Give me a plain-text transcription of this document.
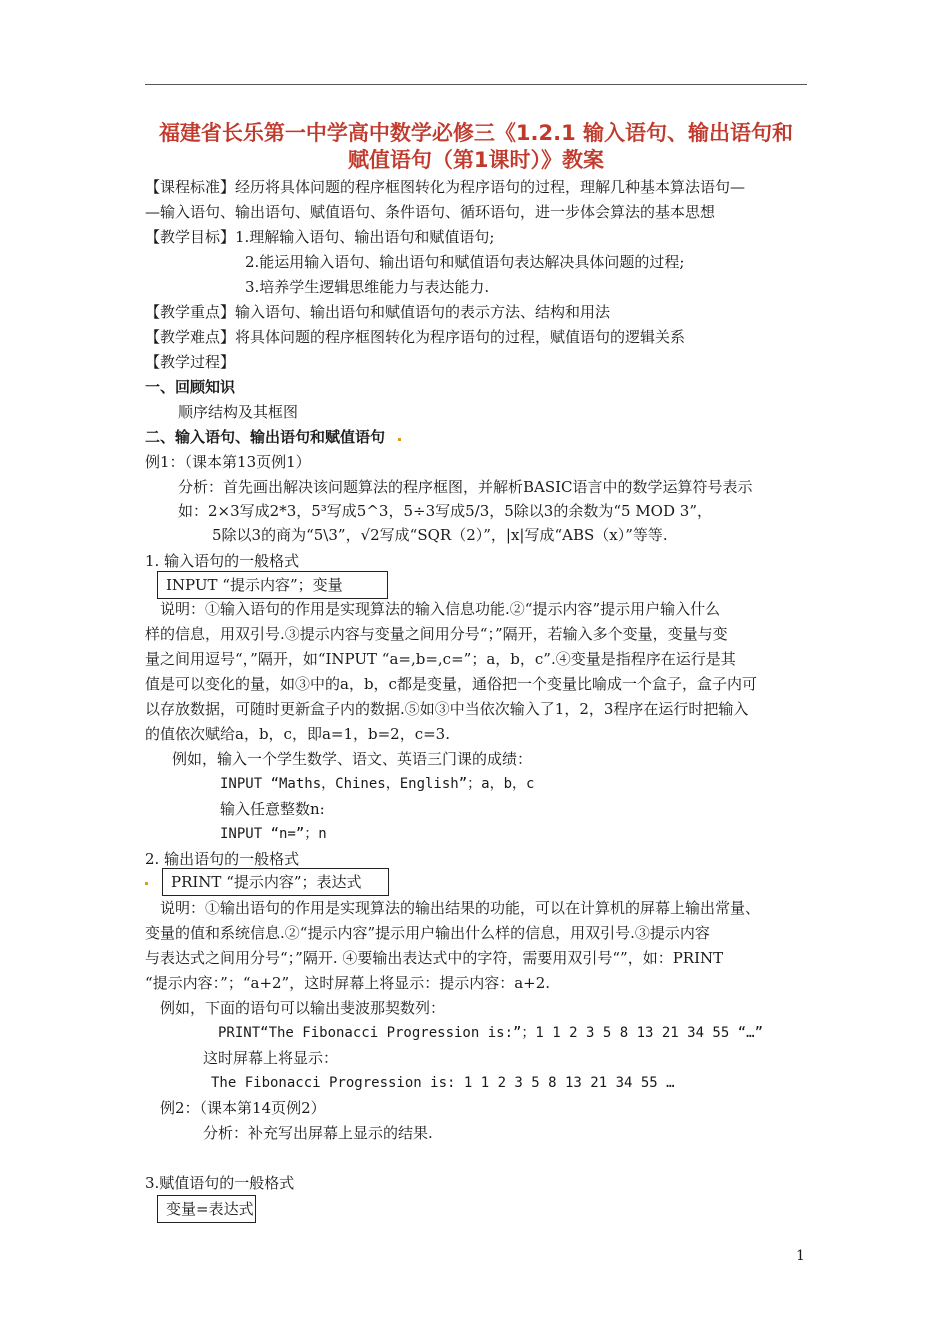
福建省长乐第一中学高中数学必修三《1.2.1 输入语句、输出语句和
赋值语句（第1课时）》教案
【课程标准】经历将具体问题的程序框图转化为程序语句的过程，理解几种基本算法语句—
—输入语句、输出语句、赋值语句、条件语句、循环语句，进一步体会算法的基本思想
【教学目标】1.理解输入语句、输出语句和赋值语句;
2.能运用输入语句、输出语句和赋值语句表达解决具体问题的过程;
3.培养学生逻辑思维能力与表达能力.
【教学重点】输入语句、输出语句和赋值语句的表示方法、结构和用法
【教学难点】将具体问题的程序框图转化为程序语句的过程，赋值语句的逻辑关系
【教学过程】
一、回顾知识
顺序结构及其框图
二、输入语句、输出语句和赋值语句
例1：（课本第13页例1）
分析：首先画出解决该问题算法的程序框图，并解析BASIC语言中的数学运算符号表示
如：2×3写成2*3，5³写成5^3，5÷3写成5/3，5除以3的余数为“5 MOD 3”，
5除以3的商为“5\3”，√2写成“SQR（2）”，|x|写成“ABS（x）”等等.
1. 输入语句的一般格式
INPUT “提示内容”；变量
说明：①输入语句的作用是实现算法的输入信息功能.②“提示内容”提示用户输入什么
样的信息，用双引号.③提示内容与变量之间用分号“；”隔开，若输入多个变量，变量与变
量之间用逗号“，”隔开，如“INPUT “a=,b=,c=”；a，b，c”.④变量是指程序在运行是其
值是可以变化的量，如③中的a，b，c都是变量，通俗把一个变量比喻成一个盒子，盒子内可
以存放数据，可随时更新盒子内的数据.⑤如③中当依次输入了1，2，3程序在运行时把输入
的值依次赋给a，b，c，即a=1，b=2，c=3.
例如，输入一个学生数学、语文、英语三门课的成绩：
INPUT “Maths，Chines，English”；a，b，c
输入任意整数n:
INPUT “n=”；n
2. 输出语句的一般格式
PRINT “提示内容”；表达式
说明：①输出语句的作用是实现算法的输出结果的功能，可以在计算机的屏幕上输出常量、
变量的值和系统信息.②“提示内容”提示用户输出什么样的信息，用双引号.③提示内容
与表达式之间用分号“；”隔开. ④要输出表达式中的字符，需要用双引号“”，如：PRINT
“提示内容：”；“a+2”，这时屏幕上将显示：提示内容：a+2.
例如，下面的语句可以输出斐波那契数列：
PRINT“The Fibonacci Progression is:”；1 1 2 3 5 8 13 21 34 55 “…”
这时屏幕上将显示：
The Fibonacci Progression is: 1 1 2 3 5 8 13 21 34 55 …
例2：（课本第14页例2）
分析：补充写出屏幕上显示的结果.
3.赋值语句的一般格式
变量=表达式
1
